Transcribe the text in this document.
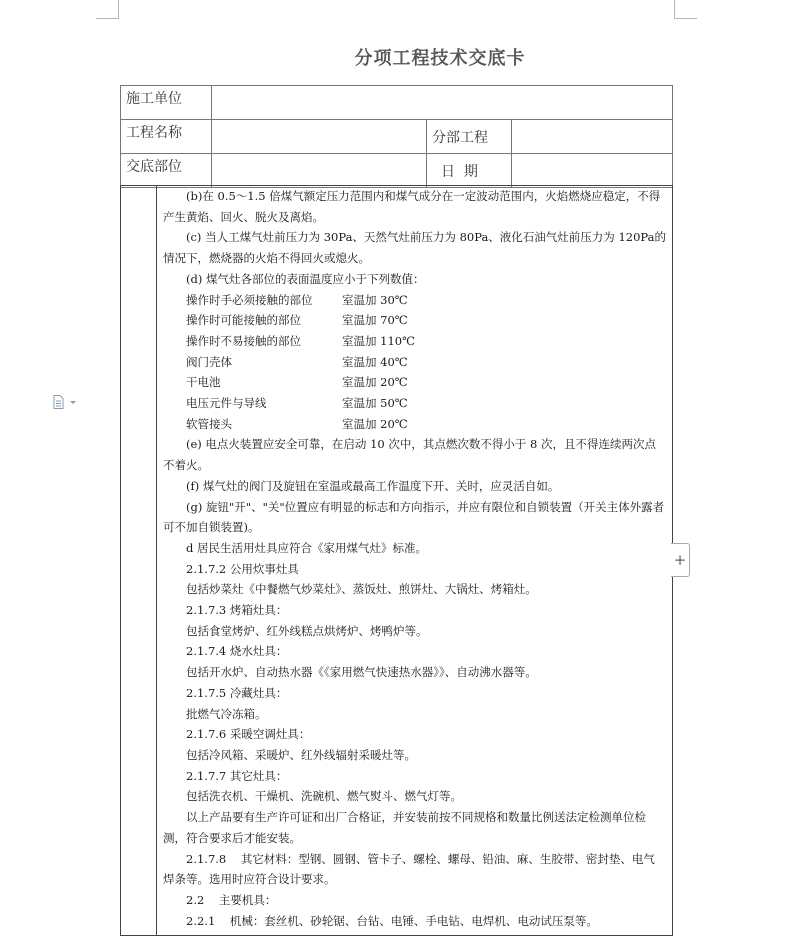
分项工程技术交底卡
施工单位			
工程名称		分部工程	
交底部位		日  期	

(b)在 0.5～1.5 倍煤气额定压力范围内和煤气成分在一定波动范围内，火焰燃烧应稳定，不得产生黄焰、回火、脱火及离焰。

(c) 当人工煤气灶前压力为 30Pa、天然气灶前压力为 80Pa、液化石油气灶前压力为 120Pa的情况下，燃烧器的火焰不得回火或熄火。

(d) 煤气灶各部位的表面温度应小于下列数值：

操作时手必须接触的部位	室温加 30℃
操作时可能接触的部位	室温加 70℃
操作时不易接触的部位	室温加 110℃
阀门壳体	室温加 40℃
干电池	室温加 20℃
电压元件与导线	室温加 50℃
软管接头	室温加 20℃

(e) 电点火装置应安全可靠，在启动 10 次中，其点燃次数不得小于 8 次，且不得连续两次点不着火。

(f) 煤气灶的阀门及旋钮在室温或最高工作温度下开、关时，应灵活自如。

(g) 旋钮"开"、"关"位置应有明显的标志和方向指示，并应有限位和自锁装置（开关主体外露者可不加自锁装置)。

d 居民生活用灶具应符合《家用煤气灶》标准。

2.1.7.2 公用炊事灶具

包括炒菜灶《中餐燃气炒菜灶》、蒸饭灶、煎饼灶、大锅灶、烤箱灶。

2.1.7.3 烤箱灶具：

包括食堂烤炉、红外线糕点烘烤炉、烤鸭炉等。

2.1.7.4 烧水灶具：

包括开水炉、自动热水器《《家用燃气快速热水器》》、自动沸水器等。

2.1.7.5 冷藏灶具：

批燃气冷冻箱。

2.1.7.6 采暖空调灶具：

包括冷风箱、采暖炉、红外线辐射采暖灶等。

2.1.7.7 其它灶具：

包括洗衣机、干燥机、洗碗机、燃气熨斗、燃气灯等。

以上产品要有生产许可证和出厂合格证，并安装前按不同规格和数量比例送法定检测单位检测，符合要求后才能安装。

2.1.7.8    其它材料：型钢、圆钢、管卡子、螺栓、螺母、铅油、麻、生胶带、密封垫、电气焊条等。选用时应符合设计要求。

2.2    主要机具：

2.2.1    机械：套丝机、砂轮锯、台钻、电锤、手电钻、电焊机、电动试压泵等。

+
